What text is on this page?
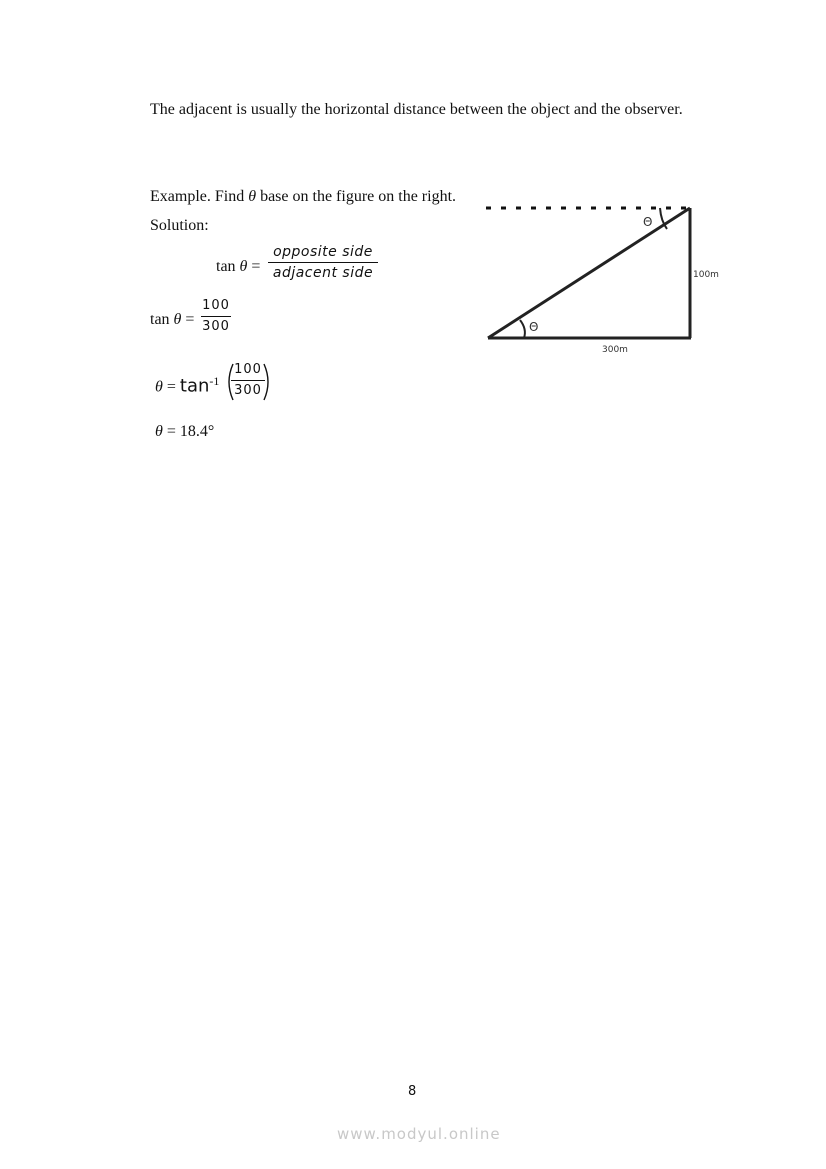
The adjacent is usually the horizontal distance between the object and the observer.
Example. Find θ base on the figure on the right.
Solution:
tan θ =
opposite side
adjacent side
tan θ =
100
300
$\theta = \tan^{-1}$
100
300
θ = 18.4°
Θ
Θ
100m
300m
8
www.modyul.online
